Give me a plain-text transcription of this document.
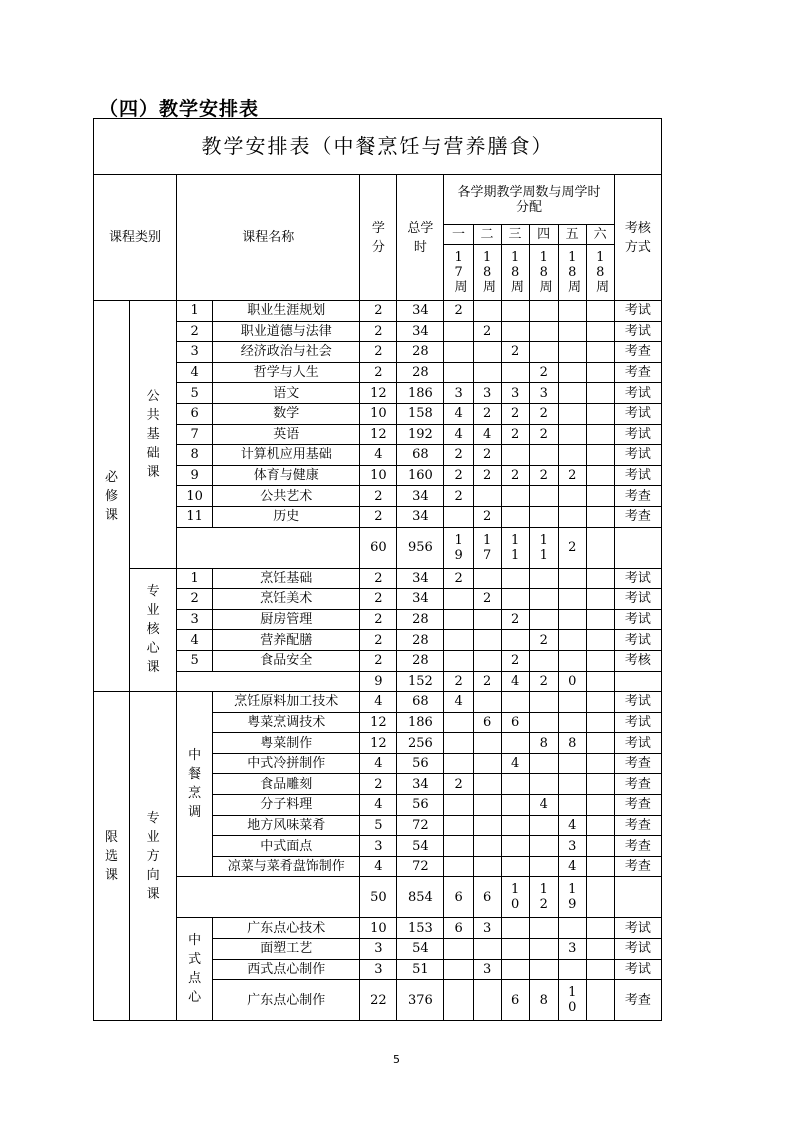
（四）教学安排表
教学安排表（中餐烹饪与营养膳食）												
课程类别		课程名称		学分	总学时	各学期教学周数与周学时分配						考核方式
						一	二	三	四	五	六	
						17周	18周	18周	18周	18周	18周	
必修课	公共基础课	1	职业生涯规划	2	34	2						考试
		2	职业道德与法律	2	34		2					考试
		3	经济政治与社会	2	28			2				考查
		4	哲学与人生	2	28				2			考查
		5	语文	12	186	3	3	3	3			考试
		6	数学	10	158	4	2	2	2			考试
		7	英语	12	192	4	4	2	2			考试
		8	计算机应用基础	4	68	2	2					考试
		9	体育与健康	10	160	2	2	2	2	2		考试
		10	公共艺术	2	34	2						考查
		11	历史	2	34		2					考查
				60	956	19	17	11	11	2		
	专业核心课	1	烹饪基础	2	34	2						考试
		2	烹饪美术	2	34		2					考试
		3	厨房管理	2	28			2				考试
		4	营养配膳	2	28				2			考试
		5	食品安全	2	28			2				考核
				9	152	2	2	4	2	0		
限选课	专业方向课	中餐烹调	烹饪原料加工技术	4	68	4						考试
			粤菜烹调技术	12	186		6	6				考试
			粤菜制作	12	256				8	8		考试
			中式冷拼制作	4	56			4				考查
			食品雕刻	2	34	2						考查
			分子料理	4	56				4			考查
			地方风味菜肴	5	72					4		考查
			中式面点	3	54					3		考查
			凉菜与菜肴盘饰制作	4	72					4		考查
				50	854	6	6	10	12	19		
		中式点心	广东点心技术	10	153	6	3					考试
			面塑工艺	3	54					3		考试
			西式点心制作	3	51		3					考试
			广东点心制作	22	376			6	8	10		考查
5
